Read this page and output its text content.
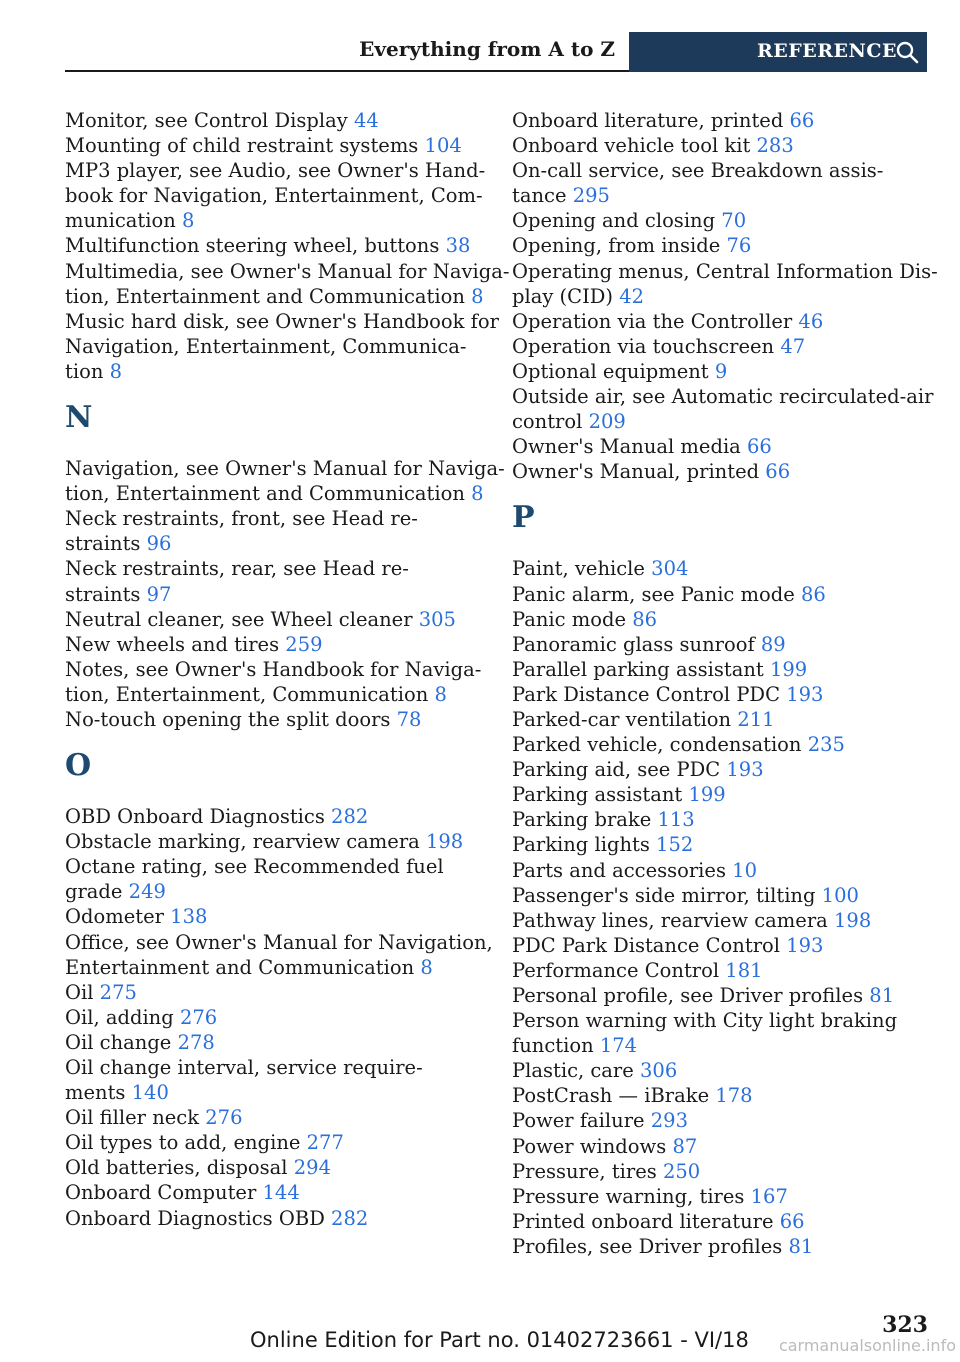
Everything from A to Z	REFERENCE
Monitor, see Control Display 44
Mounting of child restraint systems 104
MP3 player, see Audio, see Owner's Hand-
book for Navigation, Entertainment, Com-
munication 8
Multifunction steering wheel, buttons 38
Multimedia, see Owner's Manual for Naviga-
tion, Entertainment and Communication 8
Music hard disk, see Owner's Handbook for
Navigation, Entertainment, Communica-
tion 8
N
Navigation, see Owner's Manual for Naviga-
tion, Entertainment and Communication 8
Neck restraints, front, see Head re-
straints 96
Neck restraints, rear, see Head re-
straints 97
Neutral cleaner, see Wheel cleaner 305
New wheels and tires 259
Notes, see Owner's Handbook for Naviga-
tion, Entertainment, Communication 8
No-touch opening the split doors 78
O
OBD Onboard Diagnostics 282
Obstacle marking, rearview camera 198
Octane rating, see Recommended fuel
grade 249
Odometer 138
Office, see Owner's Manual for Navigation,
Entertainment and Communication 8
Oil 275
Oil, adding 276
Oil change 278
Oil change interval, service require-
ments 140
Oil filler neck 276
Oil types to add, engine 277
Old batteries, disposal 294
Onboard Computer 144
Onboard Diagnostics OBD 282
Onboard literature, printed 66
Onboard vehicle tool kit 283
On-call service, see Breakdown assis-
tance 295
Opening and closing 70
Opening, from inside 76
Operating menus, Central Information Dis-
play (CID) 42
Operation via the Controller 46
Operation via touchscreen 47
Optional equipment 9
Outside air, see Automatic recirculated-air
control 209
Owner's Manual media 66
Owner's Manual, printed 66
P
Paint, vehicle 304
Panic alarm, see Panic mode 86
Panic mode 86
Panoramic glass sunroof 89
Parallel parking assistant 199
Park Distance Control PDC 193
Parked-car ventilation 211
Parked vehicle, condensation 235
Parking aid, see PDC 193
Parking assistant 199
Parking brake 113
Parking lights 152
Parts and accessories 10
Passenger's side mirror, tilting 100
Pathway lines, rearview camera 198
PDC Park Distance Control 193
Performance Control 181
Personal profile, see Driver profiles 81
Person warning with City light braking
function 174
Plastic, care 306
PostCrash — iBrake 178
Power failure 293
Power windows 87
Pressure, tires 250
Pressure warning, tires 167
Printed onboard literature 66
Profiles, see Driver profiles 81
323
Online Edition for Part no. 01402723661 - VI/18 carmanualsonline.info
